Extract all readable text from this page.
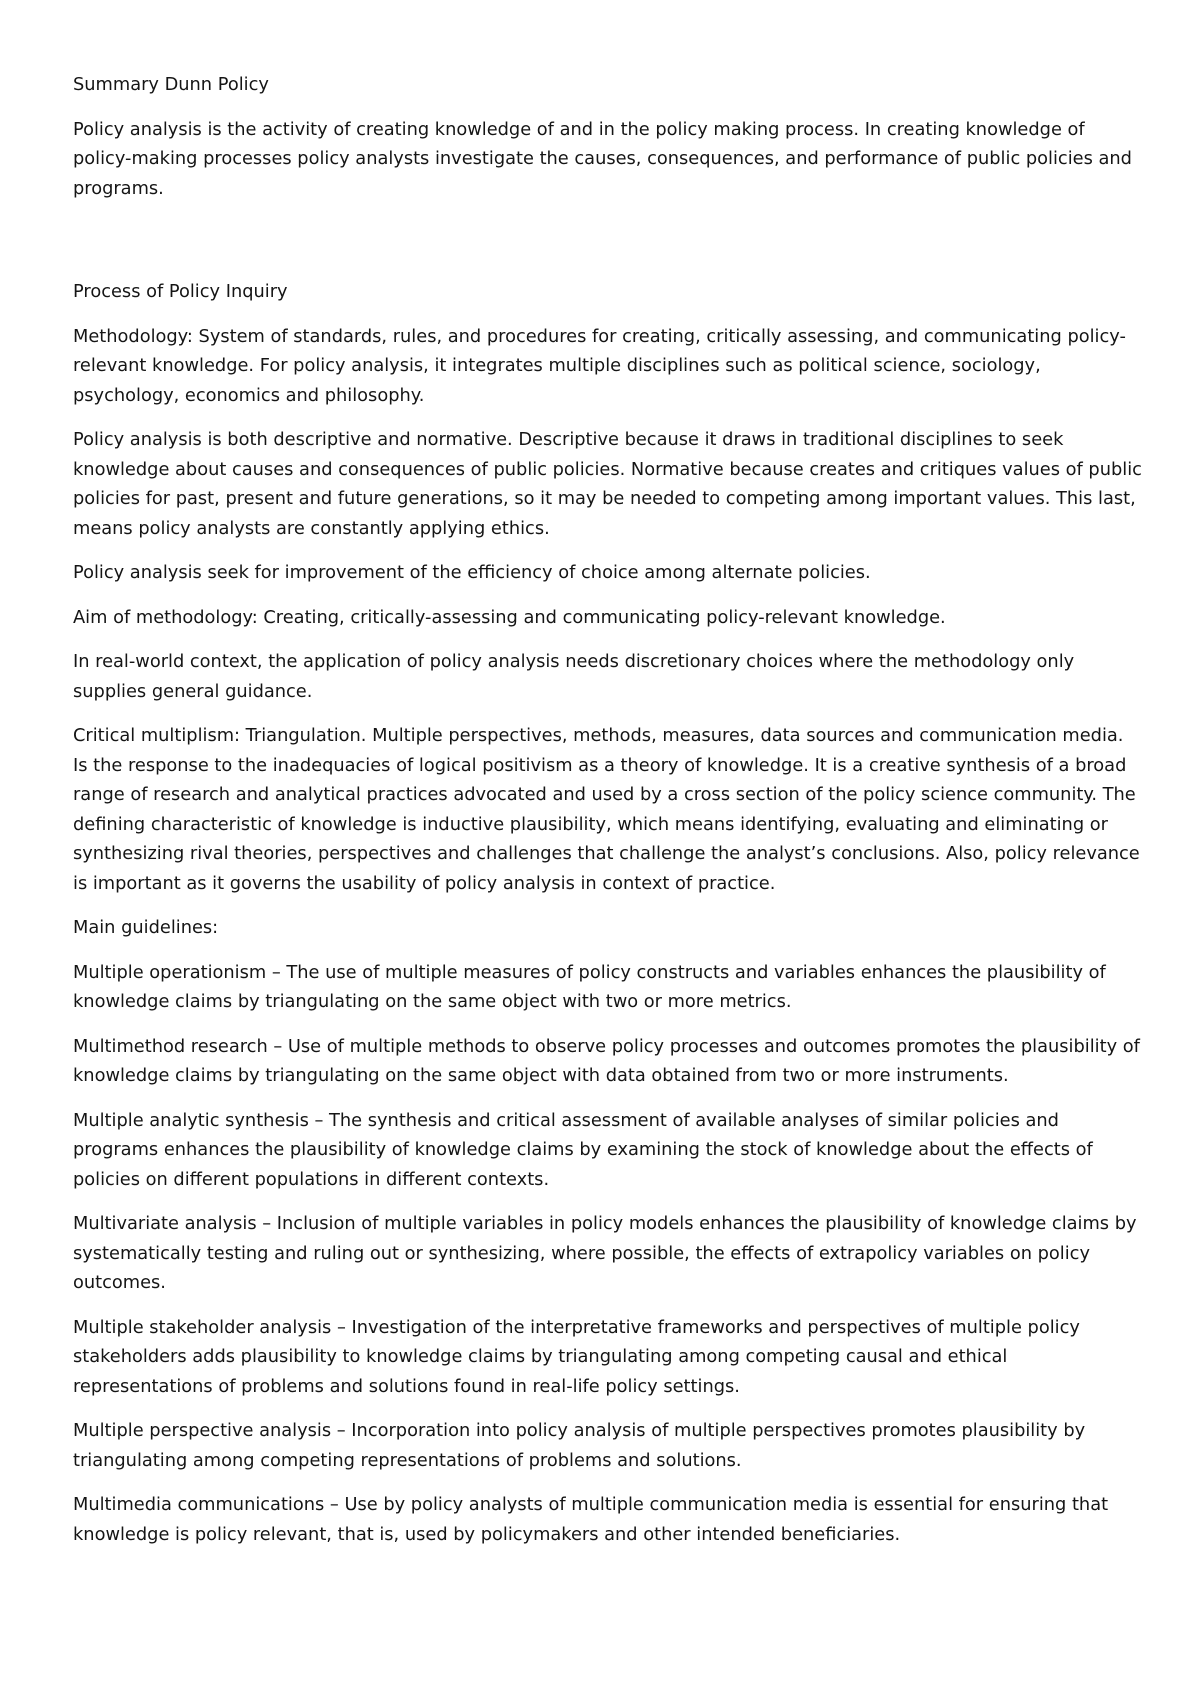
Summary Dunn Policy

Policy analysis is the activity of creating knowledge of and in the policy making process. In creating knowledge of policy-making processes policy analysts investigate the causes, consequences, and performance of public policies and programs.

Process of Policy Inquiry

Methodology: System of standards, rules, and procedures for creating, critically assessing, and communicating policy-relevant knowledge. For policy analysis, it integrates multiple disciplines such as political science, sociology, psychology, economics and philosophy.

Policy analysis is both descriptive and normative. Descriptive because it draws in traditional disciplines to seek knowledge about causes and consequences of public policies. Normative because creates and critiques values of public policies for past, present and future generations, so it may be needed to competing among important values. This last, means policy analysts are constantly applying ethics.

Policy analysis seek for improvement of the efficiency of choice among alternate policies.

Aim of methodology: Creating, critically-assessing and communicating policy-relevant knowledge.

In real-world context, the application of policy analysis needs discretionary choices where the methodology only supplies general guidance.

Critical multiplism: Triangulation. Multiple perspectives, methods, measures, data sources and communication media. Is the response to the inadequacies of logical positivism as a theory of knowledge. It is a creative synthesis of a broad range of research and analytical practices advocated and used by a cross section of the policy science community. The defining characteristic of knowledge is inductive plausibility, which means identifying, evaluating and eliminating or synthesizing rival theories, perspectives and challenges that challenge the analyst’s conclusions. Also, policy relevance is important as it governs the usability of policy analysis in context of practice.

Main guidelines:

Multiple operationism – The use of multiple measures of policy constructs and variables enhances the plausibility of knowledge claims by triangulating on the same object with two or more metrics.

Multimethod research – Use of multiple methods to observe policy processes and outcomes promotes the plausibility of knowledge claims by triangulating on the same object with data obtained from two or more instruments.

Multiple analytic synthesis – The synthesis and critical assessment of available analyses of similar policies and programs enhances the plausibility of knowledge claims by examining the stock of knowledge about the effects of policies on different populations in different contexts.

Multivariate analysis – Inclusion of multiple variables in policy models enhances the plausibility of knowledge claims by systematically testing and ruling out or synthesizing, where possible, the effects of extrapolicy variables on policy outcomes.

Multiple stakeholder analysis – Investigation of the interpretative frameworks and perspectives of multiple policy stakeholders adds plausibility to knowledge claims by triangulating among competing causal and ethical representations of problems and solutions found in real-life policy settings.

Multiple perspective analysis – Incorporation into policy analysis of multiple perspectives promotes plausibility by triangulating among competing representations of problems and solutions.

Multimedia communications – Use by policy analysts of multiple communication media is essential for ensuring that knowledge is policy relevant, that is, used by policymakers and other intended beneficiaries.
